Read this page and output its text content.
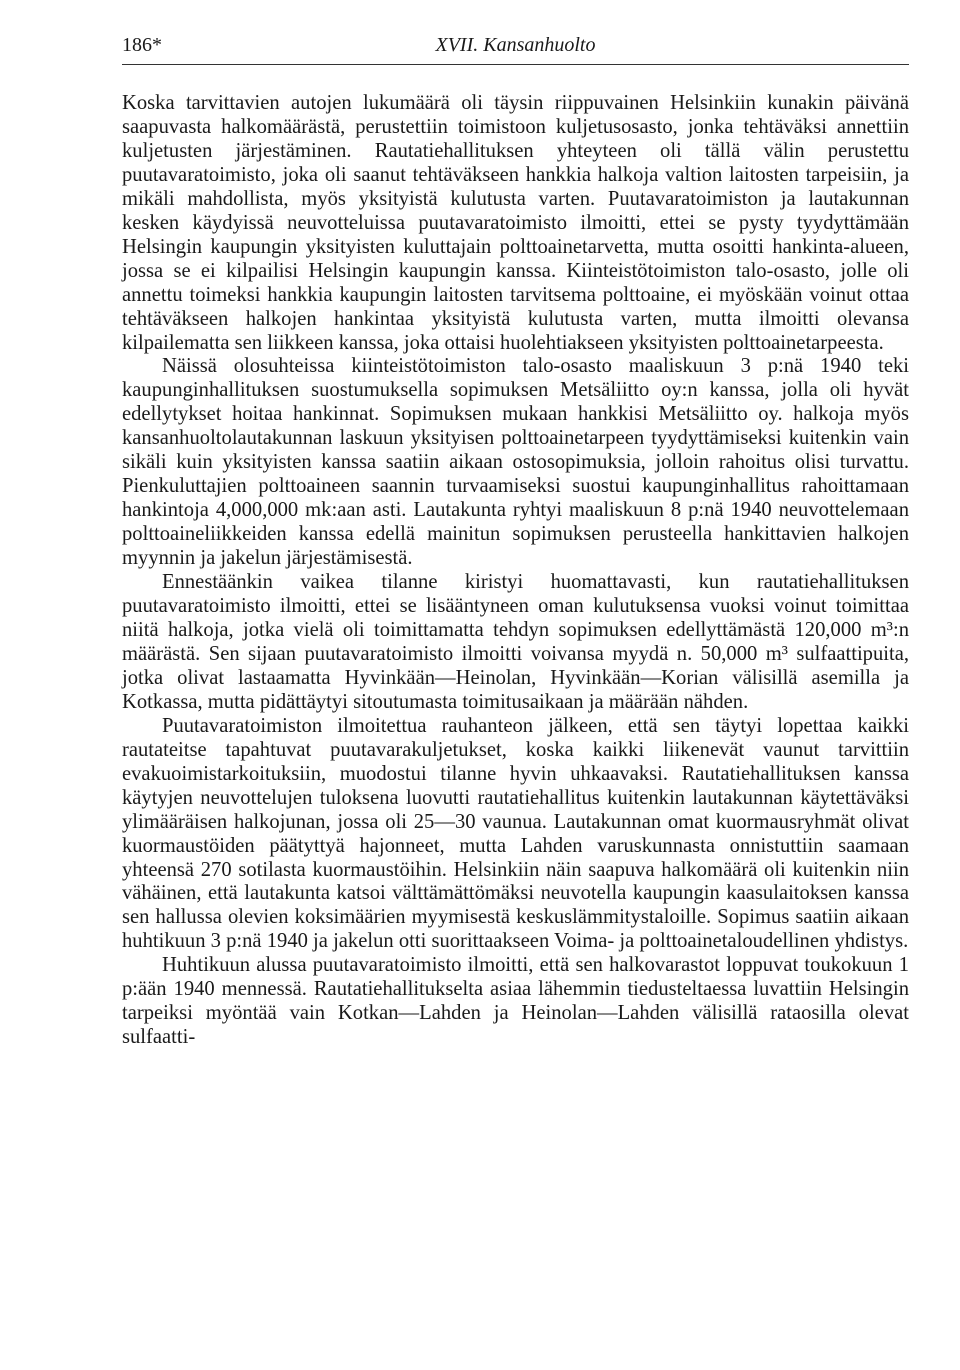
186*	XVII. Kansanhuolto

Koska tarvittavien autojen lukumäärä oli täysin riippuvainen Helsinkiin kunakin päivänä saapuvasta halkomäärästä, perustettiin toimistoon kuljetusosasto, jonka tehtäväksi annettiin kuljetusten järjestäminen. Rautatiehallituksen yhteyteen oli tällä välin perustettu puutavaratoimisto, joka oli saanut tehtäväkseen hankkia halkoja valtion laitosten tarpeisiin, ja mikäli mahdollista, myös yksityistä kulutusta varten. Puutavaratoimiston ja lautakunnan kesken käydyissä neuvotteluissa puutavaratoimisto ilmoitti, ettei se pysty tyydyttämään Helsingin kaupungin yksityisten kuluttajain polttoainetarvetta, mutta osoitti hankinta-alueen, jossa se ei kilpailisi Helsingin kaupungin kanssa. Kiinteistötoimiston talo-osasto, jolle oli annettu toimeksi hankkia kaupungin laitosten tarvitsema polttoaine, ei myöskään voinut ottaa tehtäväkseen halkojen hankintaa yksityistä kulutusta varten, mutta ilmoitti olevansa kilpailematta sen liikkeen kanssa, joka ottaisi huolehtiakseen yksityisten polttoainetarpeesta.

Näissä olosuhteissa kiinteistötoimiston talo-osasto maaliskuun 3 p:nä 1940 teki kaupunginhallituksen suostumuksella sopimuksen Metsäliitto oy:n kanssa, jolla oli hyvät edellytykset hoitaa hankinnat. Sopimuksen mukaan hankkisi Metsäliitto oy. halkoja myös kansanhuoltolautakunnan laskuun yksityisen polttoainetarpeen tyydyttämiseksi kuitenkin vain sikäli kuin yksityisten kanssa saatiin aikaan ostosopimuksia, jolloin rahoitus olisi turvattu. Pienkuluttajien polttoaineen saannin turvaamiseksi suostui kaupunginhallitus rahoittamaan hankintoja 4,000,000 mk:aan asti. Lautakunta ryhtyi maaliskuun 8 p:nä 1940 neuvottelemaan polttoaineliikkeiden kanssa edellä mainitun sopimuksen perusteella hankittavien halkojen myynnin ja jakelun järjestämisestä.

Ennestäänkin vaikea tilanne kiristyi huomattavasti, kun rautatiehallituksen puutavaratoimisto ilmoitti, ettei se lisääntyneen oman kulutuksensa vuoksi voinut toimittaa niitä halkoja, jotka vielä oli toimittamatta tehdyn sopimuksen edellyttämästä 120,000 m³:n määrästä. Sen sijaan puutavaratoimisto ilmoitti voivansa myydä n. 50,000 m³ sulfaattipuita, jotka olivat lastaamatta Hyvinkään—Heinolan, Hyvinkään—Korian välisillä asemilla ja Kotkassa, mutta pidättäytyi sitoutumasta toimitusaikaan ja määrään nähden.

Puutavaratoimiston ilmoitettua rauhanteon jälkeen, että sen täytyi lopettaa kaikki rautateitse tapahtuvat puutavarakuljetukset, koska kaikki liikenevät vaunut tarvittiin evakuoimistarkoituksiin, muodostui tilanne hyvin uhkaavaksi. Rautatiehallituksen kanssa käytyjen neuvottelujen tuloksena luovutti rautatiehallitus kuitenkin lautakunnan käytettäväksi ylimääräisen halkojunan, jossa oli 25—30 vaunua. Lautakunnan omat kuormausryhmät olivat kuormaustöiden päätyttyä hajonneet, mutta Lahden varuskunnasta onnistuttiin saamaan yhteensä 270 sotilasta kuormaustöihin. Helsinkiin näin saapuva halkomäärä oli kuitenkin niin vähäinen, että lautakunta katsoi välttämättömäksi neuvotella kaupungin kaasulaitoksen kanssa sen hallussa olevien koksimäärien myymisestä keskuslämmitystaloille. Sopimus saatiin aikaan huhtikuun 3 p:nä 1940 ja jakelun otti suorittaakseen Voima- ja polttoainetaloudellinen yhdistys.

Huhtikuun alussa puutavaratoimisto ilmoitti, että sen halkovarastot loppuvat toukokuun 1 p:ään 1940 mennessä. Rautatiehallitukselta asiaa lähemmin tiedusteltaessa luvattiin Helsingin tarpeiksi myöntää vain Kotkan—Lahden ja Heinolan—Lahden välisillä rataosilla olevat sulfaatti-
